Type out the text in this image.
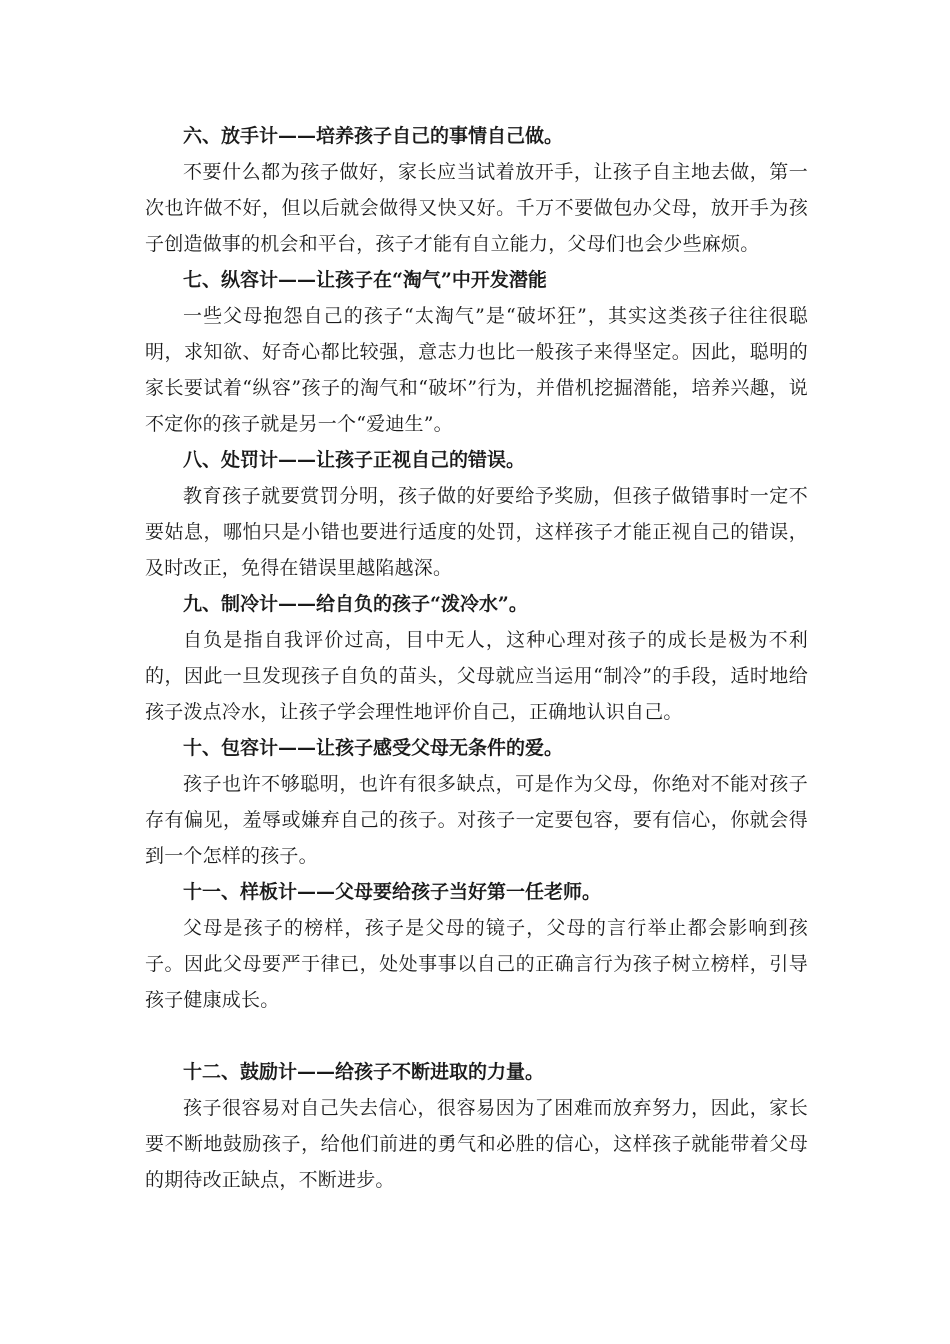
六、放手计——培养孩子自己的事情自己做。

不要什么都为孩子做好，家长应当试着放开手，让孩子自主地去做，第一次也许做不好，但以后就会做得又快又好。千万不要做包办父母，放开手为孩子创造做事的机会和平台，孩子才能有自立能力，父母们也会少些麻烦。

七、纵容计——让孩子在“淘气”中开发潜能

一些父母抱怨自己的孩子“太淘气”是“破坏狂”，其实这类孩子往往很聪明，求知欲、好奇心都比较强，意志力也比一般孩子来得坚定。因此，聪明的家长要试着“纵容”孩子的淘气和“破坏”行为，并借机挖掘潜能，培养兴趣，说不定你的孩子就是另一个“爱迪生”。

八、处罚计——让孩子正视自己的错误。

教育孩子就要赏罚分明，孩子做的好要给予奖励，但孩子做错事时一定不要姑息，哪怕只是小错也要进行适度的处罚，这样孩子才能正视自己的错误，及时改正，免得在错误里越陷越深。

九、制冷计——给自负的孩子“泼冷水”。

自负是指自我评价过高，目中无人，这种心理对孩子的成长是极为不利的，因此一旦发现孩子自负的苗头，父母就应当运用“制冷”的手段，适时地给孩子泼点冷水，让孩子学会理性地评价自己，正确地认识自己。

十、包容计——让孩子感受父母无条件的爱。

孩子也许不够聪明，也许有很多缺点，可是作为父母，你绝对不能对孩子存有偏见，羞辱或嫌弃自己的孩子。对孩子一定要包容，要有信心，你就会得到一个怎样的孩子。

十一、样板计——父母要给孩子当好第一任老师。

父母是孩子的榜样，孩子是父母的镜子，父母的言行举止都会影响到孩子。因此父母要严于律已，处处事事以自己的正确言行为孩子树立榜样，引导孩子健康成长。

十二、鼓励计——给孩子不断进取的力量。

孩子很容易对自己失去信心，很容易因为了困难而放弃努力，因此，家长要不断地鼓励孩子，给他们前进的勇气和必胜的信心，这样孩子就能带着父母的期待改正缺点，不断进步。
